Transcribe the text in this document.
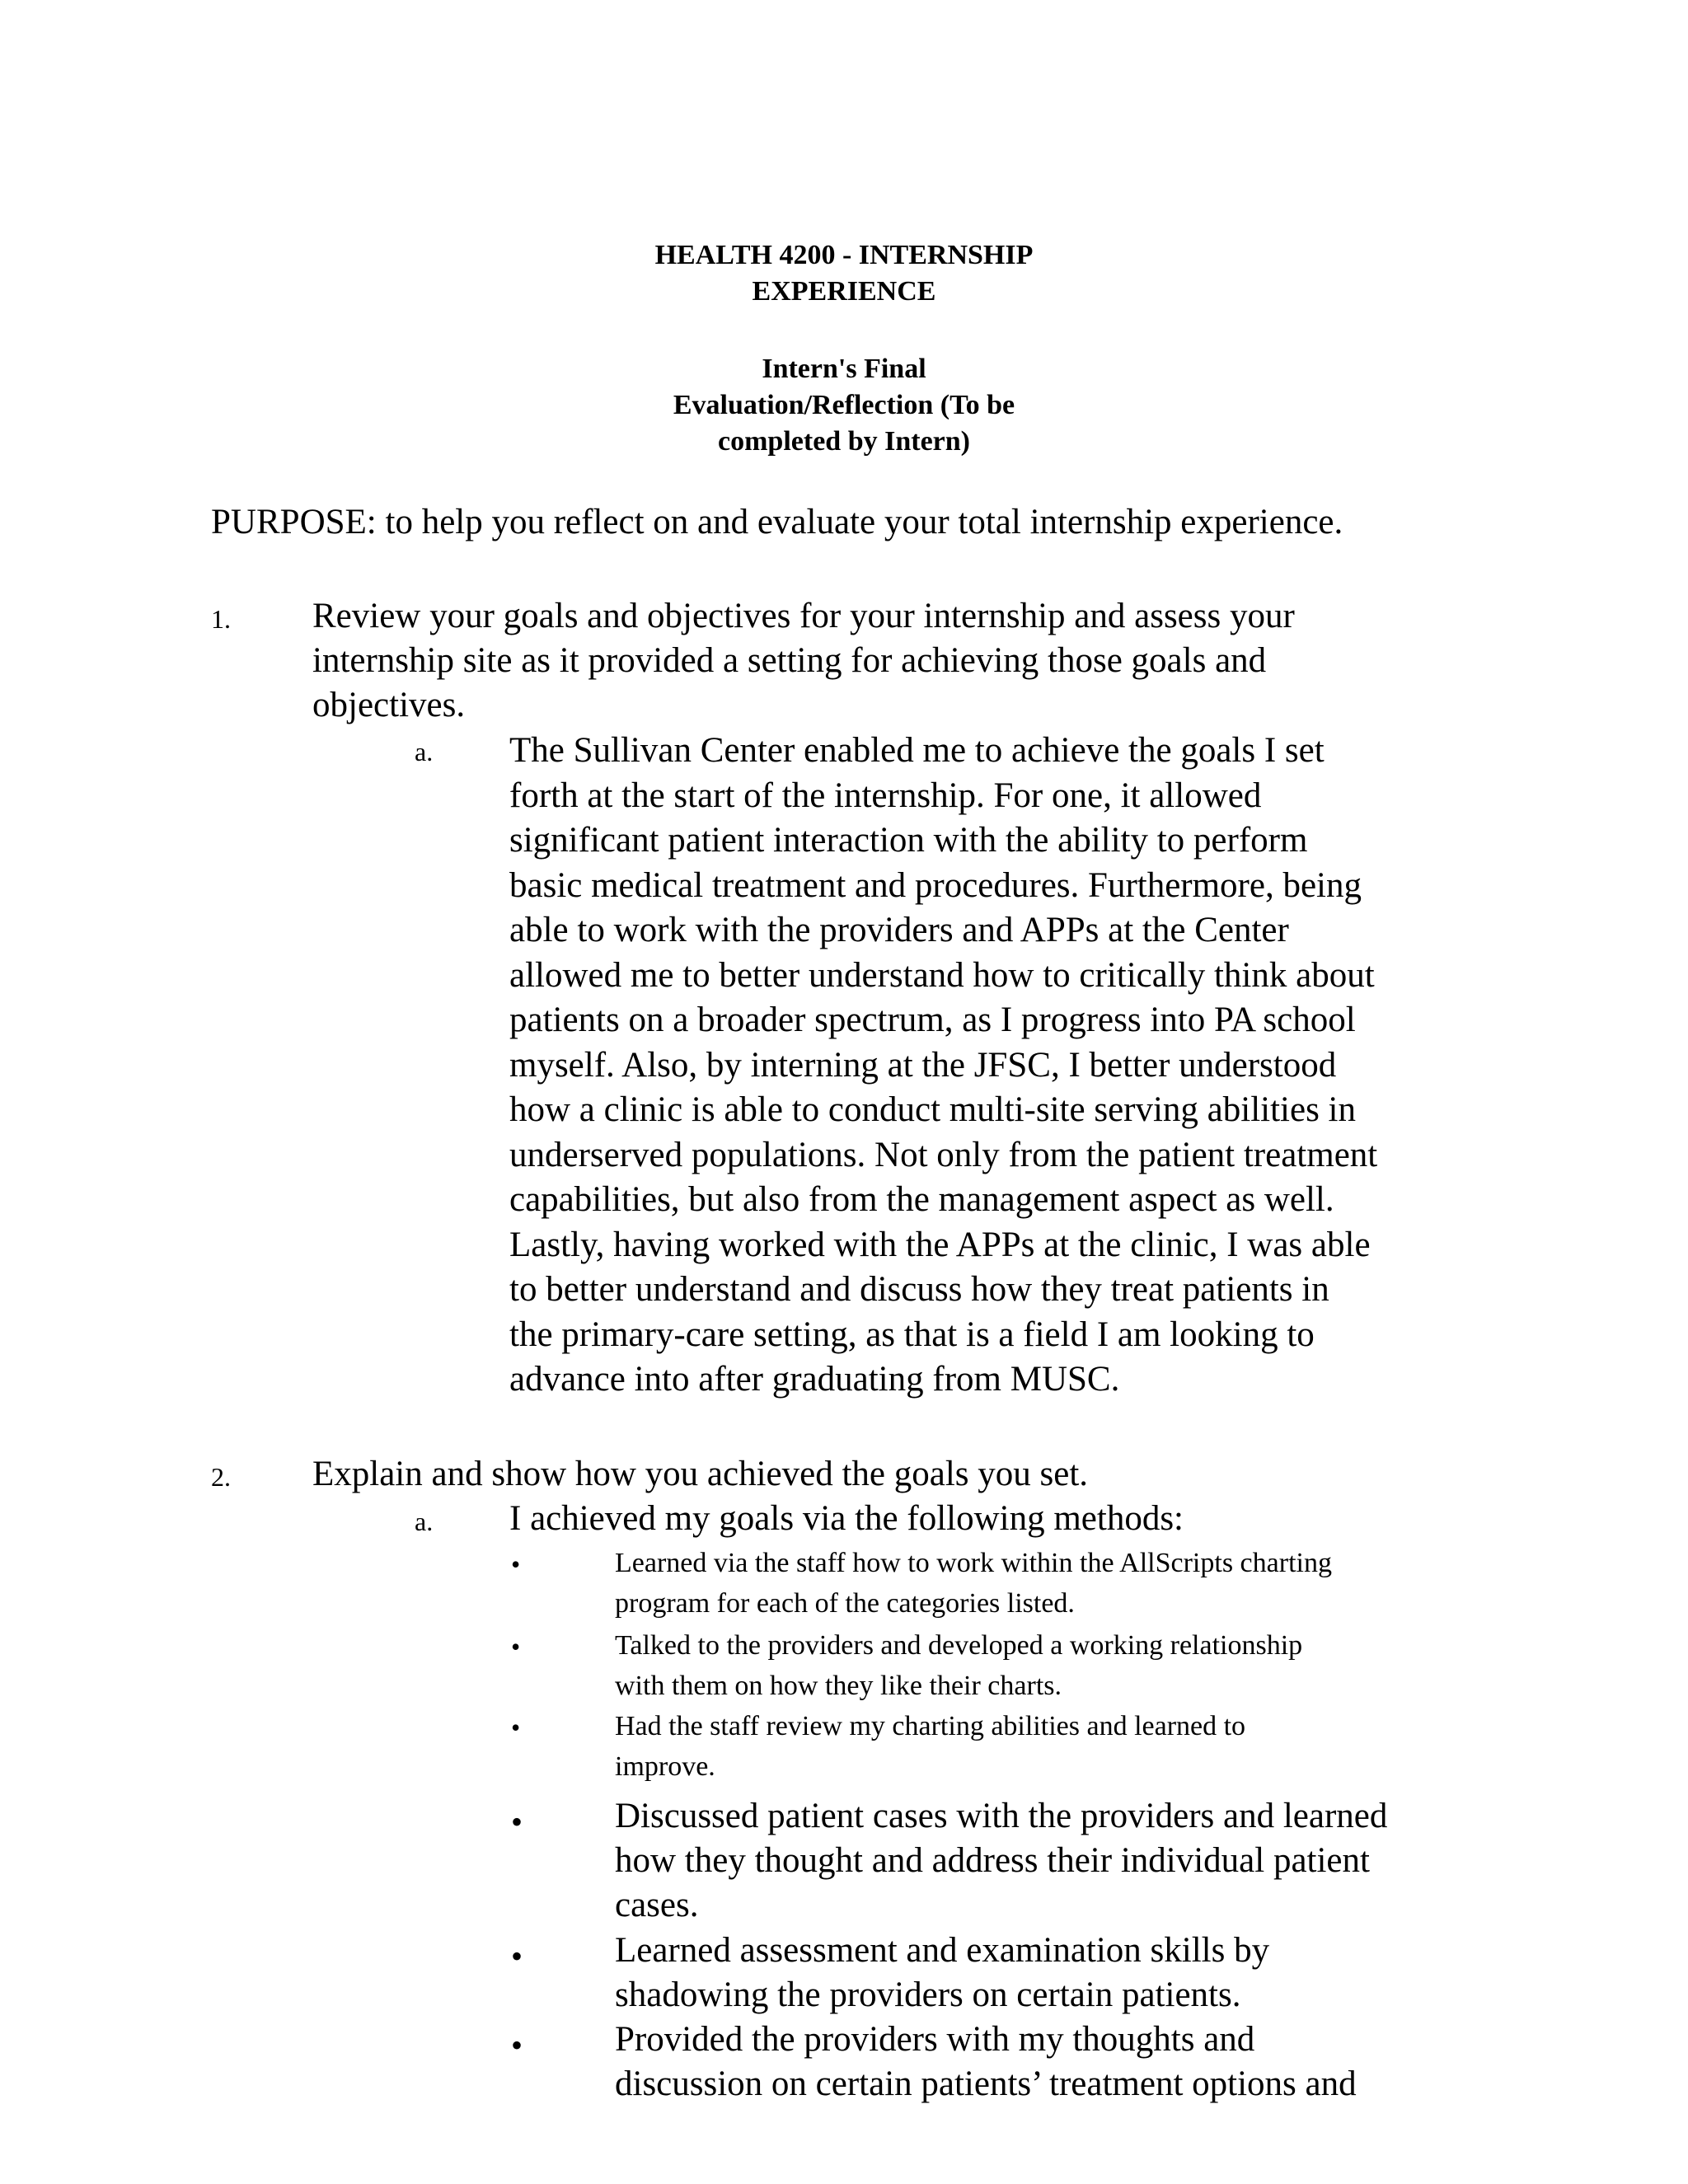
HEALTH 4200 - INTERNSHIP
EXPERIENCE
Intern's Final
Evaluation/Reflection (To be
completed by Intern)
PURPOSE: to help you reflect on and evaluate your total internship experience.
1. Review your goals and objectives for your internship and assess your
internship site as it provided a setting for achieving those goals and
objectives.
a. The Sullivan Center enabled me to achieve the goals I set
forth at the start of the internship. For one, it allowed
significant patient interaction with the ability to perform
basic medical treatment and procedures. Furthermore, being
able to work with the providers and APPs at the Center
allowed me to better understand how to critically think about
patients on a broader spectrum, as I progress into PA school
myself. Also, by interning at the JFSC, I better understood
how a clinic is able to conduct multi-site serving abilities in
underserved populations. Not only from the patient treatment
capabilities, but also from the management aspect as well.
Lastly, having worked with the APPs at the clinic, I was able
to better understand and discuss how they treat patients in
the primary-care setting, as that is a field I am looking to
advance into after graduating from MUSC.
2. Explain and show how you achieved the goals you set.
a. I achieved my goals via the following methods:
•	Learned via the staff how to work within the AllScripts charting
program for each of the categories listed.
•	Talked to the providers and developed a working relationship
with them on how they like their charts.
•	Had the staff review my charting abilities and learned to
improve.
•	Discussed patient cases with the providers and learned
how they thought and address their individual patient
cases.
•	Learned assessment and examination skills by
shadowing the providers on certain patients.
•	Provided the providers with my thoughts and
discussion on certain patients’ treatment options and
